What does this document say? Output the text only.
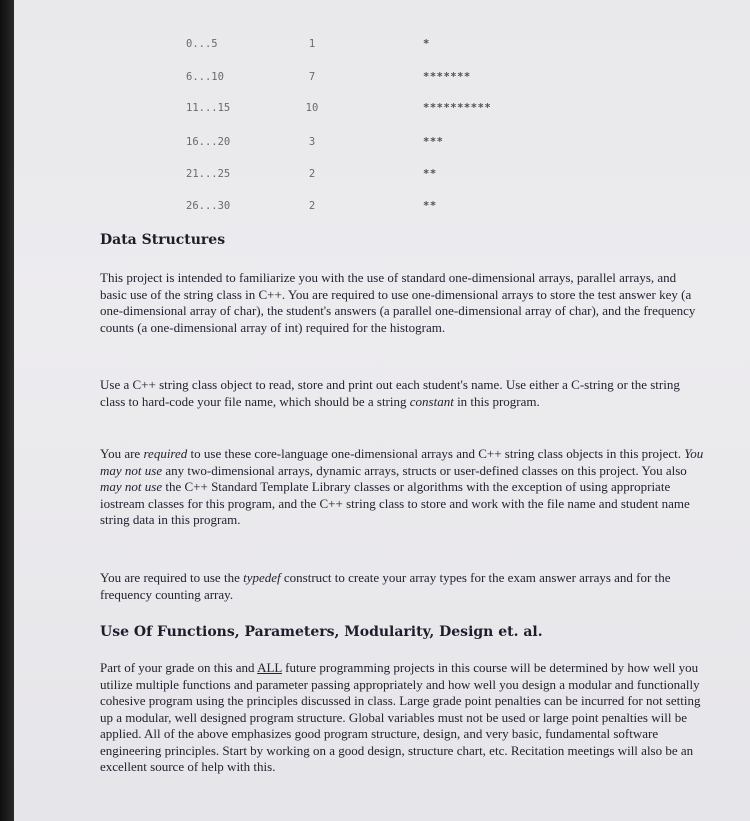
0...5	1	*
6...10	7	*******
11...15	10	**********
16...20	3	***
21...25	2	**
26...30	2	**
Data Structures
This project is intended to familiarize you with the use of standard one-dimensional arrays, parallel arrays, and basic use of the string class in C++. You are required to use one-dimensional arrays to store the test answer key (a one-dimensional array of char), the student's answers (a parallel one-dimensional array of char), and the frequency counts (a one-dimensional array of int) required for the histogram.
Use a C++ string class object to read, store and print out each student's name. Use either a C-string or the string class to hard-code your file name, which should be a string constant in this program.
You are required to use these core-language one-dimensional arrays and C++ string class objects in this project. You may not use any two-dimensional arrays, dynamic arrays, structs or user-defined classes on this project. You also may not use the C++ Standard Template Library classes or algorithms with the exception of using appropriate iostream classes for this program, and the C++ string class to store and work with the file name and student name string data in this program.
You are required to use the typedef construct to create your array types for the exam answer arrays and for the frequency counting array.
Use Of Functions, Parameters, Modularity, Design et. al.
Part of your grade on this and ALL future programming projects in this course will be determined by how well you utilize multiple functions and parameter passing appropriately and how well you design a modular and functionally cohesive program using the principles discussed in class. Large grade point penalties can be incurred for not setting up a modular, well designed program structure. Global variables must not be used or large point penalties will be applied. All of the above emphasizes good program structure, design, and very basic, fundamental software engineering principles. Start by working on a good design, structure chart, etc. Recitation meetings will also be an excellent source of help with this.
